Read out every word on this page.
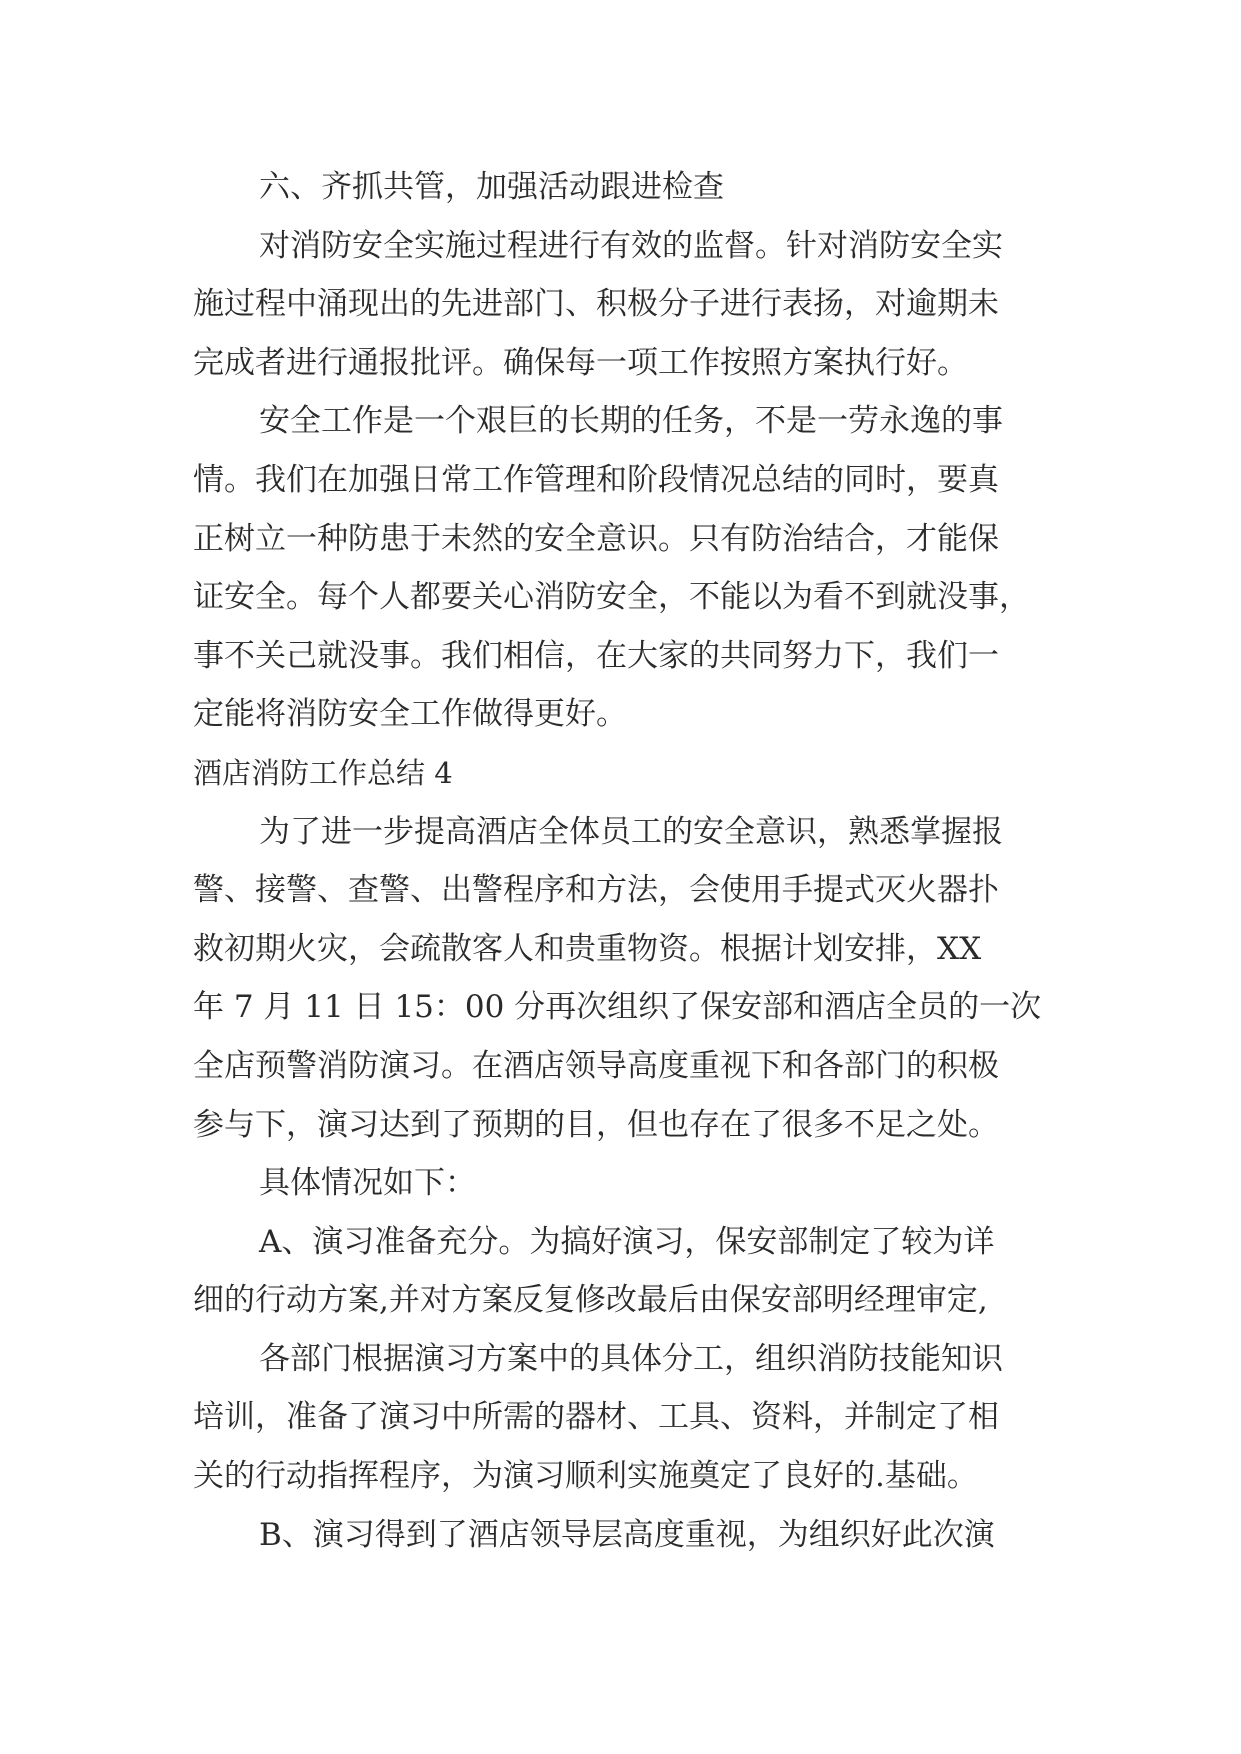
六、齐抓共管，加强活动跟进检查
对消防安全实施过程进行有效的监督。针对消防安全实
施过程中涌现出的先进部门、积极分子进行表扬，对逾期未
完成者进行通报批评。确保每一项工作按照方案执行好。
安全工作是一个艰巨的长期的任务，不是一劳永逸的事
情。我们在加强日常工作管理和阶段情况总结的同时，要真
正树立一种防患于未然的安全意识。只有防治结合，才能保
证安全。每个人都要关心消防安全，不能以为看不到就没事，
事不关己就没事。我们相信，在大家的共同努力下，我们一
定能将消防安全工作做得更好。
酒店消防工作总结 4
为了进一步提高酒店全体员工的安全意识，熟悉掌握报
警、接警、查警、出警程序和方法，会使用手提式灭火器扑
救初期火灾，会疏散客人和贵重物资。根据计划安排，XX
年 7 月 11 日 15：00 分再次组织了保安部和酒店全员的一次
全店预警消防演习。在酒店领导高度重视下和各部门的积极
参与下，演习达到了预期的目，但也存在了很多不足之处。
具体情况如下：
A、演习准备充分。为搞好演习，保安部制定了较为详
细的行动方案,并对方案反复修改最后由保安部明经理审定,
各部门根据演习方案中的具体分工，组织消防技能知识
培训，准备了演习中所需的器材、工具、资料，并制定了相
关的行动指挥程序，为演习顺利实施奠定了良好的.基础。
B、演习得到了酒店领导层高度重视，为组织好此次演
